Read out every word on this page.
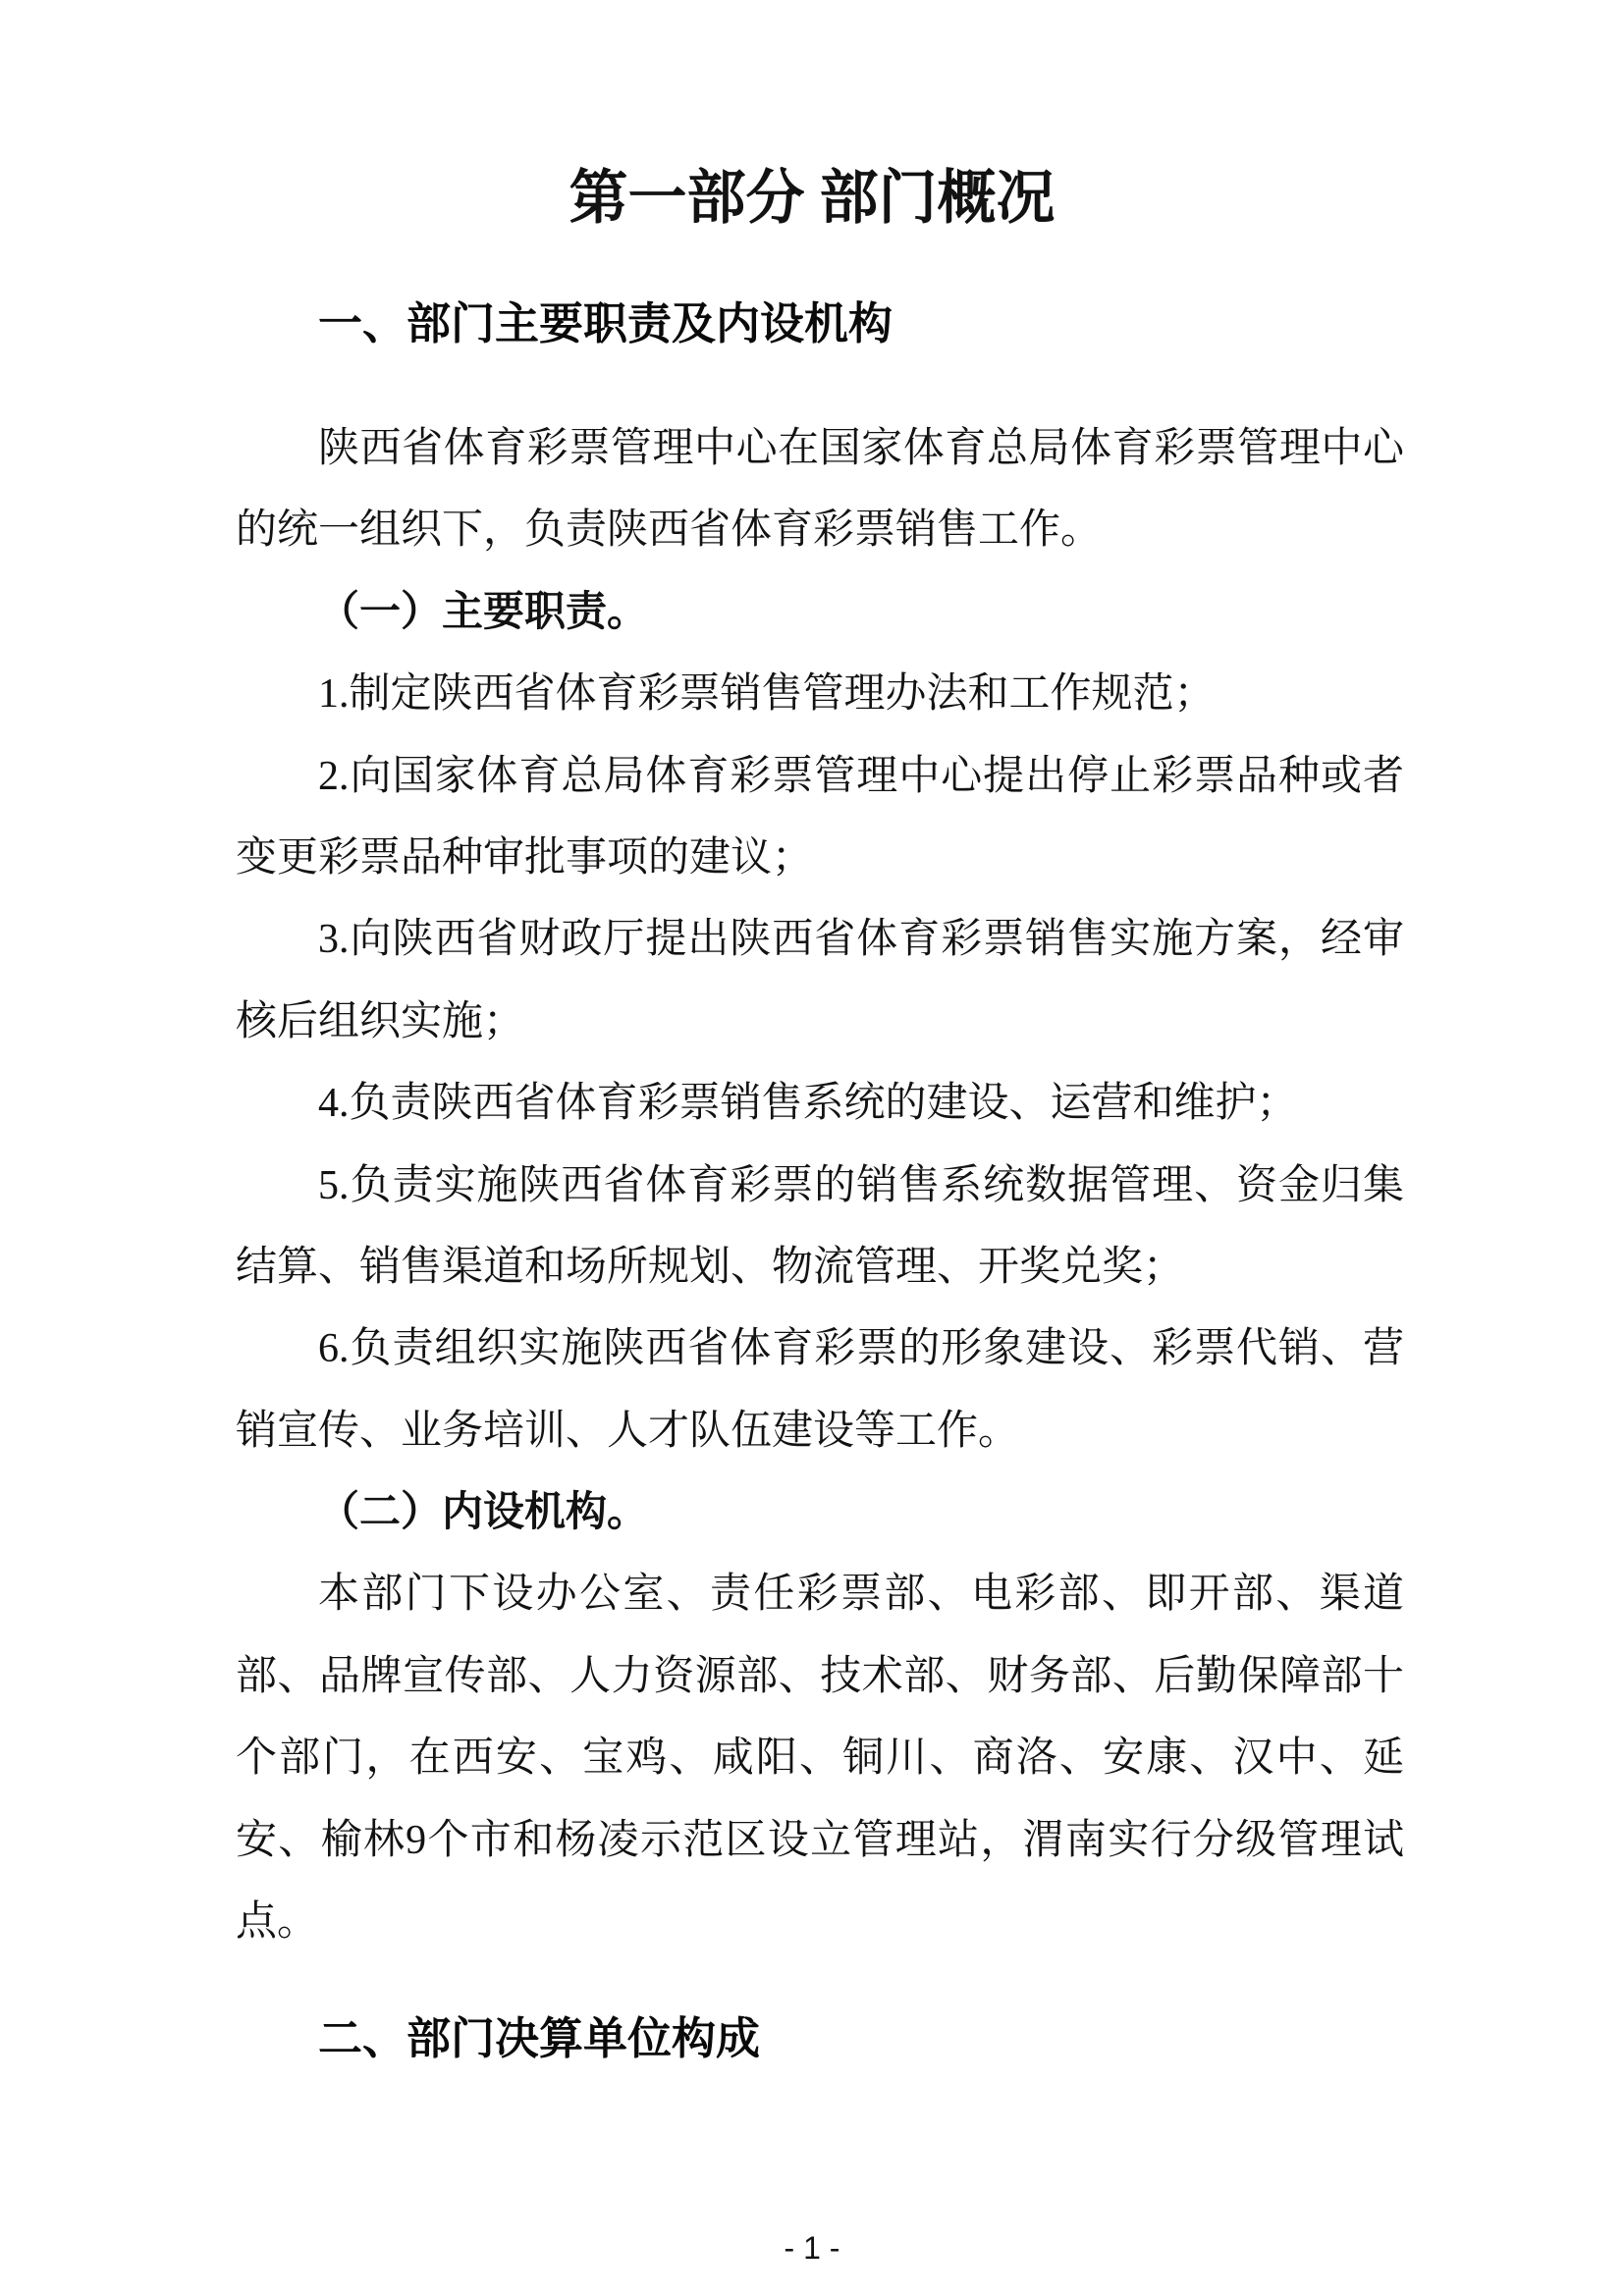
第一部分 部门概况
一、部门主要职责及内设机构
陕西省体育彩票管理中心在国家体育总局体育彩票管理中心
的统一组织下，负责陕西省体育彩票销售工作。
（一）主要职责。
1.制定陕西省体育彩票销售管理办法和工作规范；
2.向国家体育总局体育彩票管理中心提出停止彩票品种或者
变更彩票品种审批事项的建议；
3.向陕西省财政厅提出陕西省体育彩票销售实施方案，经审
核后组织实施；
4.负责陕西省体育彩票销售系统的建设、运营和维护；
5.负责实施陕西省体育彩票的销售系统数据管理、资金归集
结算、销售渠道和场所规划、物流管理、开奖兑奖；
6.负责组织实施陕西省体育彩票的形象建设、彩票代销、营
销宣传、业务培训、人才队伍建设等工作。
（二）内设机构。
本部门下设办公室、责任彩票部、电彩部、即开部、渠道
部、品牌宣传部、人力资源部、技术部、财务部、后勤保障部十
个部门，在西安、宝鸡、咸阳、铜川、商洛、安康、汉中、延
安、榆林9个市和杨凌示范区设立管理站，渭南实行分级管理试
点。
二、部门决算单位构成
- 1 -
